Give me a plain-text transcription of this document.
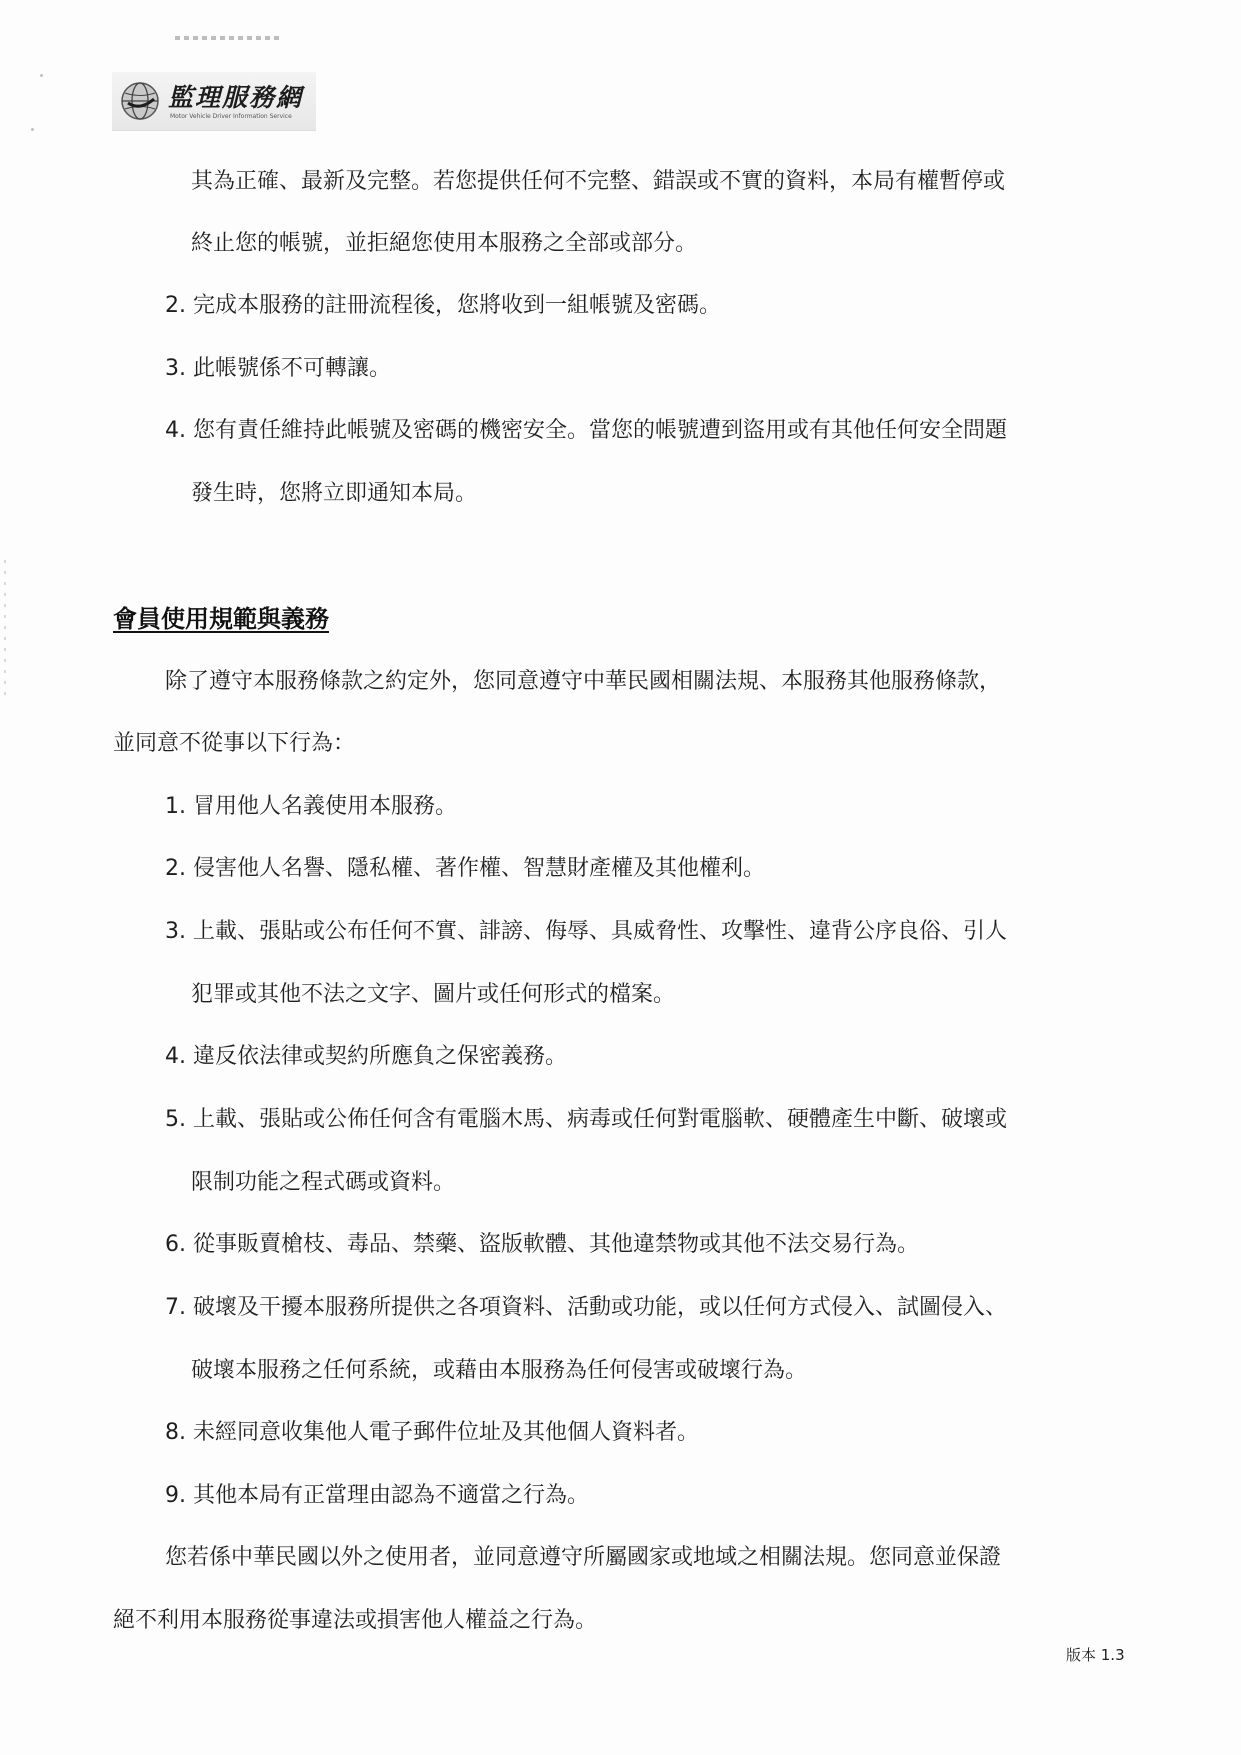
監理服務網
Motor Vehicle Driver Information Service
其為正確、最新及完整。若您提供任何不完整、錯誤或不實的資料，本局有權暫停或
終止您的帳號，並拒絕您使用本服務之全部或部分。
2. 完成本服務的註冊流程後，您將收到一組帳號及密碼。
3. 此帳號係不可轉讓。
4. 您有責任維持此帳號及密碼的機密安全。當您的帳號遭到盜用或有其他任何安全問題
發生時，您將立即通知本局。
會員使用規範與義務
除了遵守本服務條款之約定外，您同意遵守中華民國相關法規、本服務其他服務條款，
並同意不從事以下行為：
1. 冒用他人名義使用本服務。
2. 侵害他人名譽、隱私權、著作權、智慧財產權及其他權利。
3. 上載、張貼或公布任何不實、誹謗、侮辱、具威脅性、攻擊性、違背公序良俗、引人
犯罪或其他不法之文字、圖片或任何形式的檔案。
4. 違反依法律或契約所應負之保密義務。
5. 上載、張貼或公佈任何含有電腦木馬、病毒或任何對電腦軟、硬體產生中斷、破壞或
限制功能之程式碼或資料。
6. 從事販賣槍枝、毒品、禁藥、盜版軟體、其他違禁物或其他不法交易行為。
7. 破壞及干擾本服務所提供之各項資料、活動或功能，或以任何方式侵入、試圖侵入、
破壞本服務之任何系統，或藉由本服務為任何侵害或破壞行為。
8. 未經同意收集他人電子郵件位址及其他個人資料者。
9. 其他本局有正當理由認為不適當之行為。
您若係中華民國以外之使用者，並同意遵守所屬國家或地域之相關法規。您同意並保證
絕不利用本服務從事違法或損害他人權益之行為。
版本 1.3
